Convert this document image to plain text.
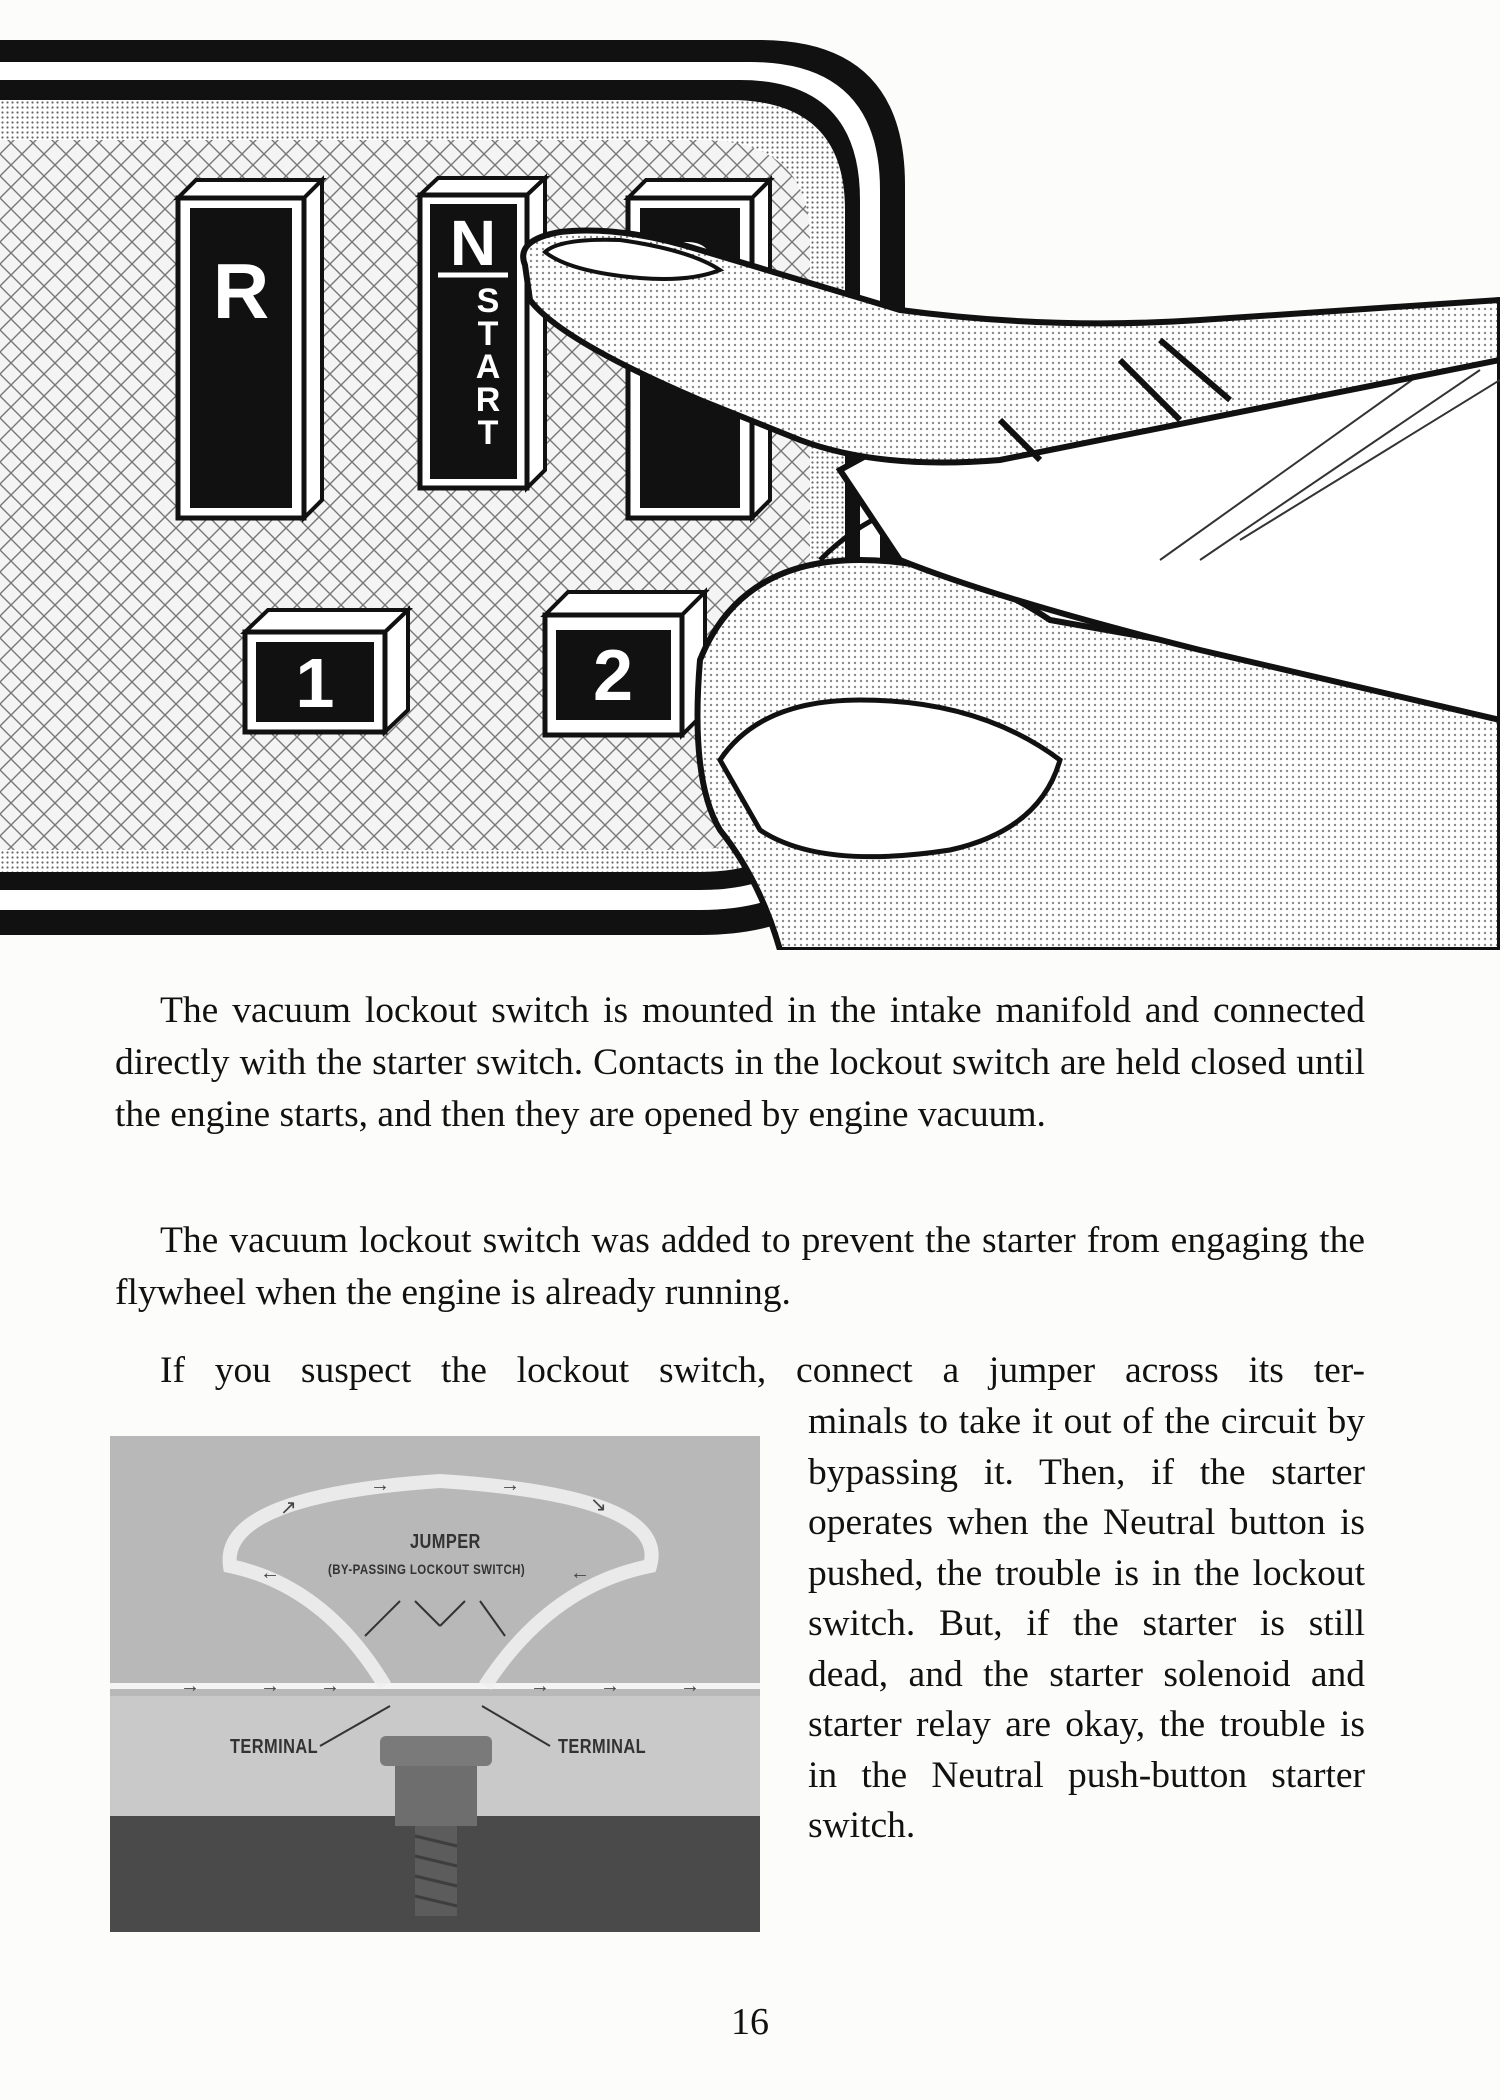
R
N
S
T
A
R
T
1	2

The vacuum lockout switch is mounted in the intake manifold and connected directly with the starter switch. Contacts in the lockout switch are held closed until the engine starts, and then they are opened by engine vacuum.

The vacuum lockout switch was added to prevent the starter from engaging the flywheel when the engine is already running.

If you suspect the lockout switch, connect a jumper across its ter-

minals to take it out of the circuit by bypassing it. Then, if the starter operates when the Neutral button is pushed, the trouble is in the lockout switch. But, if the starter is still dead, and the starter solenoid and starter relay are okay, the trouble is in the Neutral push-button starter switch.

→	→ →	→	→	→
↗
→	→
↘
←	←
JUMPER
(BY-PASSING LOCKOUT SWITCH)
TERMINAL	TERMINAL
16
